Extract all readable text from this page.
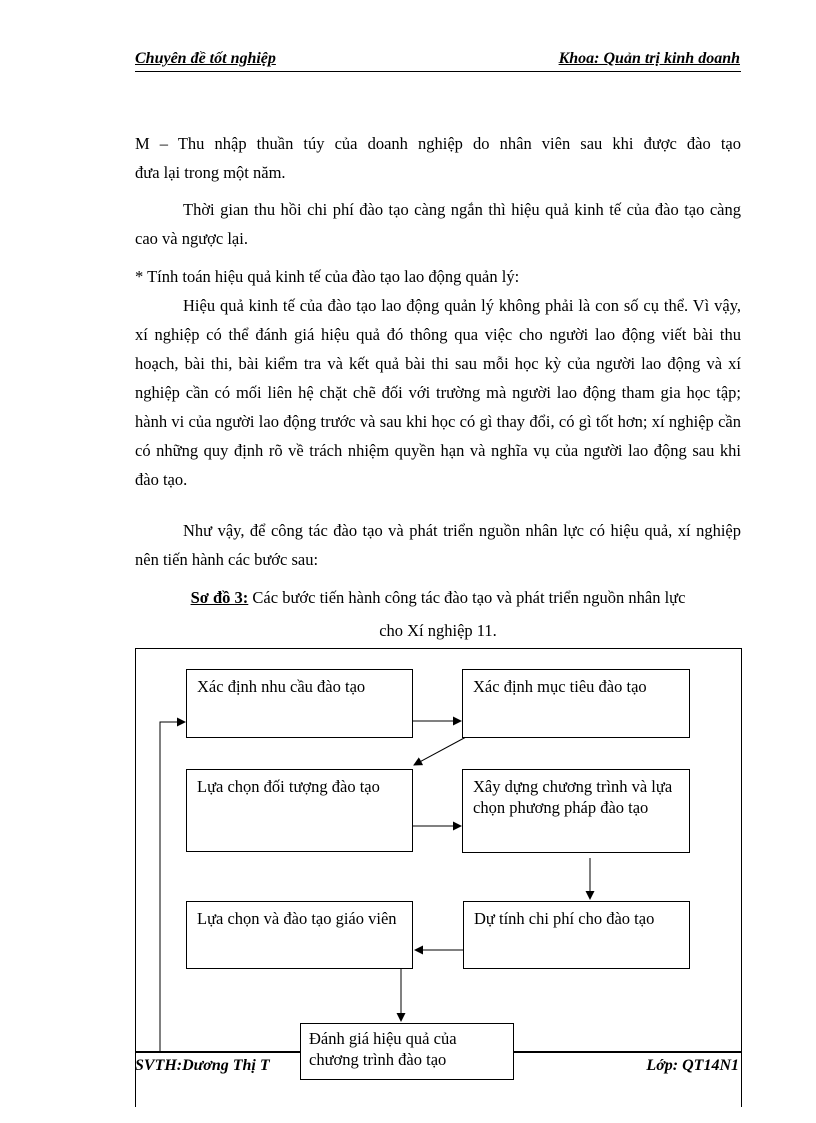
Chuyên đề tốt nghiệp	Khoa: Quản trị kinh doanh
M – Thu nhập thuần túy của doanh nghiệp do nhân viên sau khi được đào tạo
đưa lại trong một năm.
Thời gian thu hồi chi phí đào tạo càng ngắn thì hiệu quả kinh tế của đào tạo càng cao và ngược lại.
* Tính toán hiệu quả kinh tế của đào tạo lao động quản lý:
Hiệu quả kinh tế của đào tạo lao động quản lý không phải là con số cụ thể. Vì vậy, xí nghiệp có thể đánh giá hiệu quả đó thông qua việc cho người lao động viết bài thu hoạch, bài thi, bài kiểm tra và kết quả bài thi sau mỗi học kỳ của người lao động và xí nghiệp cần có mối liên hệ chặt chẽ đối với trường mà người lao động tham gia học tập; hành vi của người lao động trước và sau khi học có gì thay đổi, có gì tốt hơn; xí nghiệp cần có những quy định rõ về trách nhiệm quyền hạn và nghĩa vụ của người lao động sau khi đào tạo.
Như vậy, để công tác đào tạo và phát triển nguồn nhân lực có hiệu quả, xí nghiệp nên tiến hành các bước sau:
Sơ đồ 3: Các bước tiến hành công tác đào tạo và phát triển nguồn nhân lực
cho Xí nghiệp 11.
Xác định nhu cầu đào tạo	Xác định mục tiêu đào tạo
Lựa chọn đối tượng đào tạo	Xây dựng chương trình và lựa chọn phương pháp đào tạo
Lựa chọn và đào tạo giáo viên	Dự tính chi phí cho đào tạo
SVTH:Dương Thị T	Lớp: QT14N1
Đánh giá hiệu quả của chương trình đào tạo
